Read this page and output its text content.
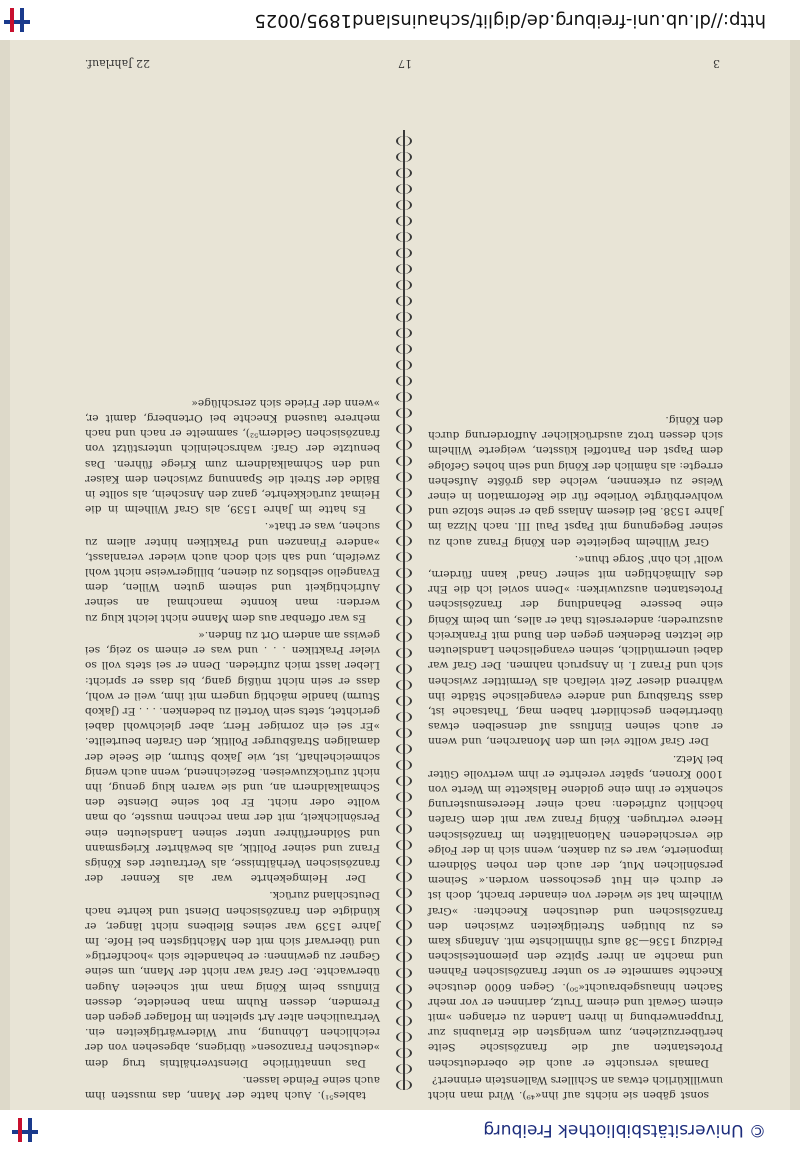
© Universitätsbibliothek Freiburg
3
17
22 Jahrlauf.

sonst gäben sie nichts auf ihn«⁴⁹). Wird man nicht unwillkürlich etwas an Schillers Wallenstein erinnert?

Damals versuchte er auch die oberdeutschen Protestanten auf die französische Seite herüberzuziehen, zum wenigsten die Erlaubnis zur Truppenwerbung in ihren Landen zu erlangen »mit einem Gewalt und einem Trutz, darinnen er vor mehr Sachen hinausgebraucht«⁵⁰). Gegen 6000 deutsche Knechte sammelte er so unter französischen Fahnen und machte an ihrer Spitze den piemontesischen Feldzug 1536—38 aufs rühmlichste mit. Anfangs kam es zu blutigen Streitigkeiten zwischen den französischen und deutschen Knechten: »Graf Wilhelm hat sie wieder von einander bracht, doch ist er durch ein Hut geschossen worden.« Seinem persönlichen Mut, der auch den rohen Söldnern imponierte, war es zu danken, wenn sich in der Folge die verschiedenen Nationalitäten im französischen Heere vertrugen. König Franz war mit dem Grafen höchlich zufrieden: nach einer Heeresmusterung schenkte er ihm eine goldene Halskette im Werte von 1000 Kronen, später verehrte er ihm wertvolle Güter bei Metz.

Der Graf wollte viel um den Monarchen, und wenn er auch seinen Einfluss auf denselben etwas übertrieben geschildert haben mag, Thatsache ist, dass Straßburg und andere evangelische Städte ihn während dieser Zeit vielfach als Vermittler zwischen sich und Franz I. in Anspruch nahmen. Der Graf war dabei unermüdlich, seinen evangelischen Landsleuten die letzten Bedenken gegen den Bund mit Frankreich auszureden; andererseits that er alles, um beim König eine bessere Behandlung der französischen Protestanten auszuwirken: »Denn soviel ich die Ehr des Allmächtigen mit seiner Gnad' kann fürdern, wollt' ich ohn' Sorge thun«.

Graf Wilhelm begleitete den König Franz auch zu seiner Begegnung mit Papst Paul III. nach Nizza im Jahre 1538. Bei diesem Anlass gab er seine stolze und wohlverbürgte Vorliebe für die Reformation in einer Weise zu erkennen, welche das größte Aufsehen erregte: als nämlich der König und sein hohes Gefolge dem Papst den Pantoffel küssten, weigerte Wilhelm sich dessen trotz ausdrücklicher Aufforderung durch den König.

tables⁵¹). Auch hatte der Mann, das mussten ihm auch seine Feinde lassen.

Das unnatürliche Dienstverhältnis trug dem »deutschen Franzosen« übrigens, abgesehen von der reichlichen Löhnung, nur Widerwärtigkeiten ein. Vertraulichen alter Art spielten im Hoflager gegen den Fremden, dessen Ruhm man beneidete, dessen Einfluss beim König man mit scheelen Augen überwachte. Der Graf war nicht der Mann, um seine Gegner zu gewinnen: er behandelte sich »hochfertig« und überwarf sich mit den Mächtigsten bei Hofe. Im Jahre 1539 war seines Bleibens nicht länger, er kündigte den französischen Dienst und kehrte nach Deutschland zurück.

Der Heimgekehrte war als Kenner der französischen Verhältnisse, als Vertrauter des Königs Franz und seiner Politik, als bewährter Kriegsmann und Söldnerführer unter seinen Landsleuten eine Persönlichkeit, mit der man rechnen musste, ob man wollte oder nicht. Er bot seine Dienste den Schmalkaldnern an, und sie waren klug genug, ihn nicht zurückzuweisen. Bezeichnend, wenn auch wenig schmeichelhaft, ist, wie Jakob Sturm, die Seele der damaligen Straßburger Politik, den Grafen beurteilte. »Er sei ein zorniger Herr, aber gleichwohl dabei gerichtet, stets sein Vorteil zu bedenken. . . . Er (Jakob Sturm) handle mächtig ungern mit ihm, weil er wohl, dass er sein nicht müßig gang, bis dass er spricht: Lieber lasst mich zufrieden. Denn er sei stets voll so vieler Praktiken . . . und was er einem so zeig, sei gewiss am andern Ort zu finden.«

Es war offenbar aus dem Manne nicht leicht klug zu werden: man konnte manchmal an seiner Aufrichtigkeit und seinem guten Willen, dem Evangelio selbstlos zu dienen, billigerweise nicht wohl zweifeln, und sah sich doch auch wieder veranlasst, »andere Finanzen und Praktiken hinter allem zu suchen, was er that«.

Es hatte im Jahre 1539, als Graf Wilhelm in die Heimat zurückkehrte, ganz den Anschein, als sollte in Bälde der Streit die Spannung zwischen dem Kaiser und den Schmalkaldnern zum Kriege führen. Das benutzte der Graf: wahrscheinlich unterstützt von französischen Geldern⁵²), sammelte er nach und nach mehrere tausend Knechte bei Ortenberg, damit er, »wenn der Friede sich zerschlüge«

http://dl.ub.uni-freiburg.de/diglit/schauinsland1895/0025
